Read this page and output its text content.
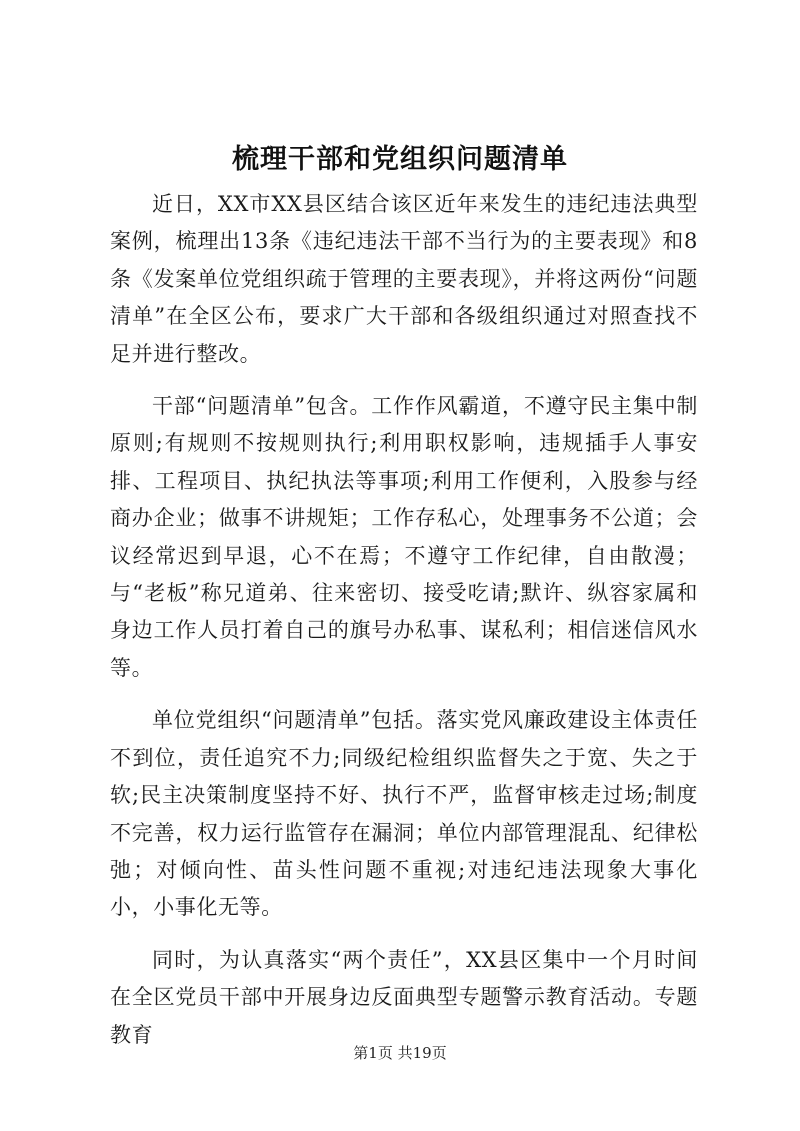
梳理干部和党组织问题清单

近日，XX市XX县区结合该区近年来发生的违纪违法典型案例，梳理出13条《违纪违法干部不当行为的主要表现》和8条《发案单位党组织疏于管理的主要表现》，并将这两份“问题清单”在全区公布，要求广大干部和各级组织通过对照查找不足并进行整改。

干部“问题清单”包含。工作作风霸道，不遵守民主集中制原则;有规则不按规则执行;利用职权影响，违规插手人事安排、工程项目、执纪执法等事项;利用工作便利，入股参与经商办企业；做事不讲规矩；工作存私心，处理事务不公道；会议经常迟到早退，心不在焉；不遵守工作纪律，自由散漫；与“老板”称兄道弟、往来密切、接受吃请;默许、纵容家属和身边工作人员打着自己的旗号办私事、谋私利；相信迷信风水等。

单位党组织“问题清单”包括。落实党风廉政建设主体责任不到位，责任追究不力;同级纪检组织监督失之于宽、失之于软;民主决策制度坚持不好、执行不严，监督审核走过场;制度不完善，权力运行监管存在漏洞；单位内部管理混乱、纪律松弛；对倾向性、苗头性问题不重视;对违纪违法现象大事化小，小事化无等。

同时，为认真落实“两个责任”，XX县区集中一个月时间在全区党员干部中开展身边反面典型专题警示教育活动。专题教育

第1页 共19页
